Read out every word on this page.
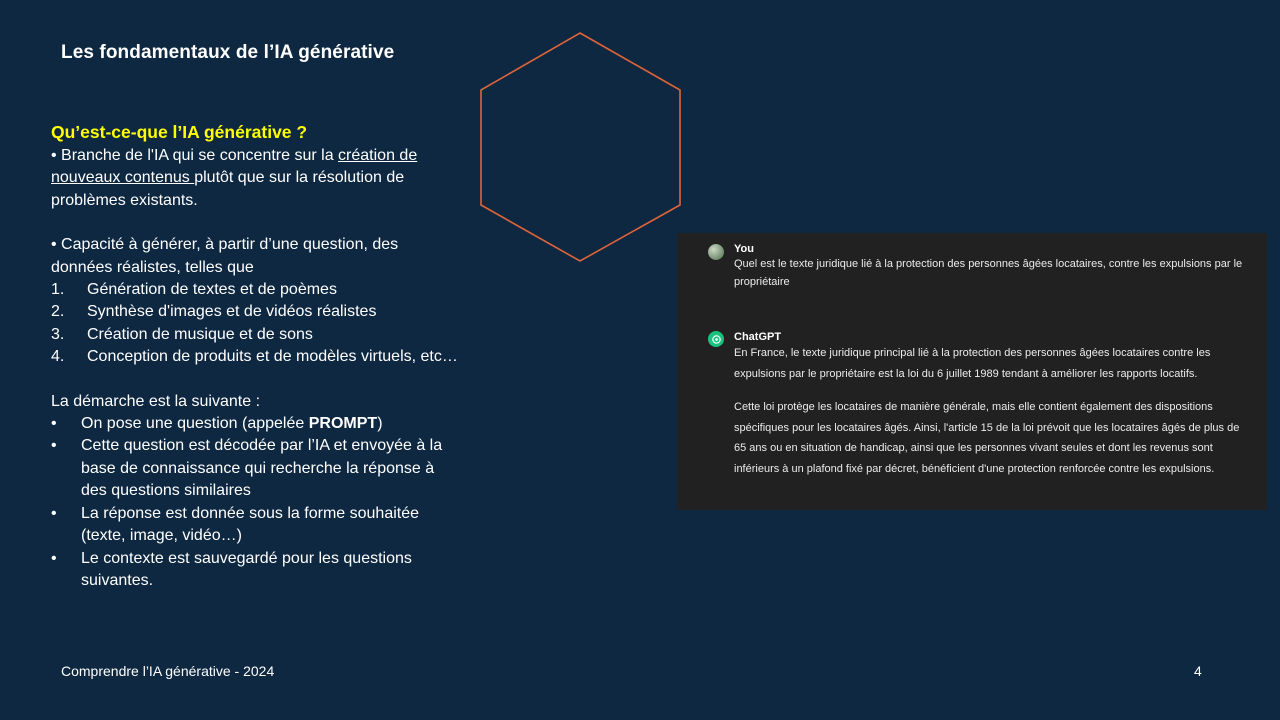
Les fondamentaux de l’IA générative
Qu’est-ce-que l’IA générative ?

• Branche de l'IA qui se concentre sur la création de nouveaux contenus plutôt que sur la résolution de problèmes existants.

• Capacité à générer, à partir d’une question, des données réalistes, telles que

1.	Génération de textes et de poèmes
2.	Synthèse d'images et de vidéos réalistes
3.	Création de musique et de sons
4.	Conception de produits et de modèles virtuels, etc…

La démarche est la suivante :

•	On pose une question (appelée PROMPT)
•	Cette question est décodée par l’IA et envoyée à la base de connaissance qui recherche la réponse à des questions similaires
•	La réponse est donnée sous la forme souhaitée (texte, image, vidéo…)
•	Le contexte est sauvegardé pour les questions suivantes.
You
Quel est le texte juridique lié à la protection des personnes âgées locataires, contre les expulsions par le propriétaire
ChatGPT

En France, le texte juridique principal lié à la protection des personnes âgées locataires contre les expulsions par le propriétaire est la loi du 6 juillet 1989 tendant à améliorer les rapports locatifs.

Cette loi protège les locataires de manière générale, mais elle contient également des dispositions spécifiques pour les locataires âgés. Ainsi, l'article 15 de la loi prévoit que les locataires âgés de plus de 65 ans ou en situation de handicap, ainsi que les personnes vivant seules et dont les revenus sont inférieurs à un plafond fixé par décret, bénéficient d'une protection renforcée contre les expulsions.

Comprendre l’IA générative - 2024	4
